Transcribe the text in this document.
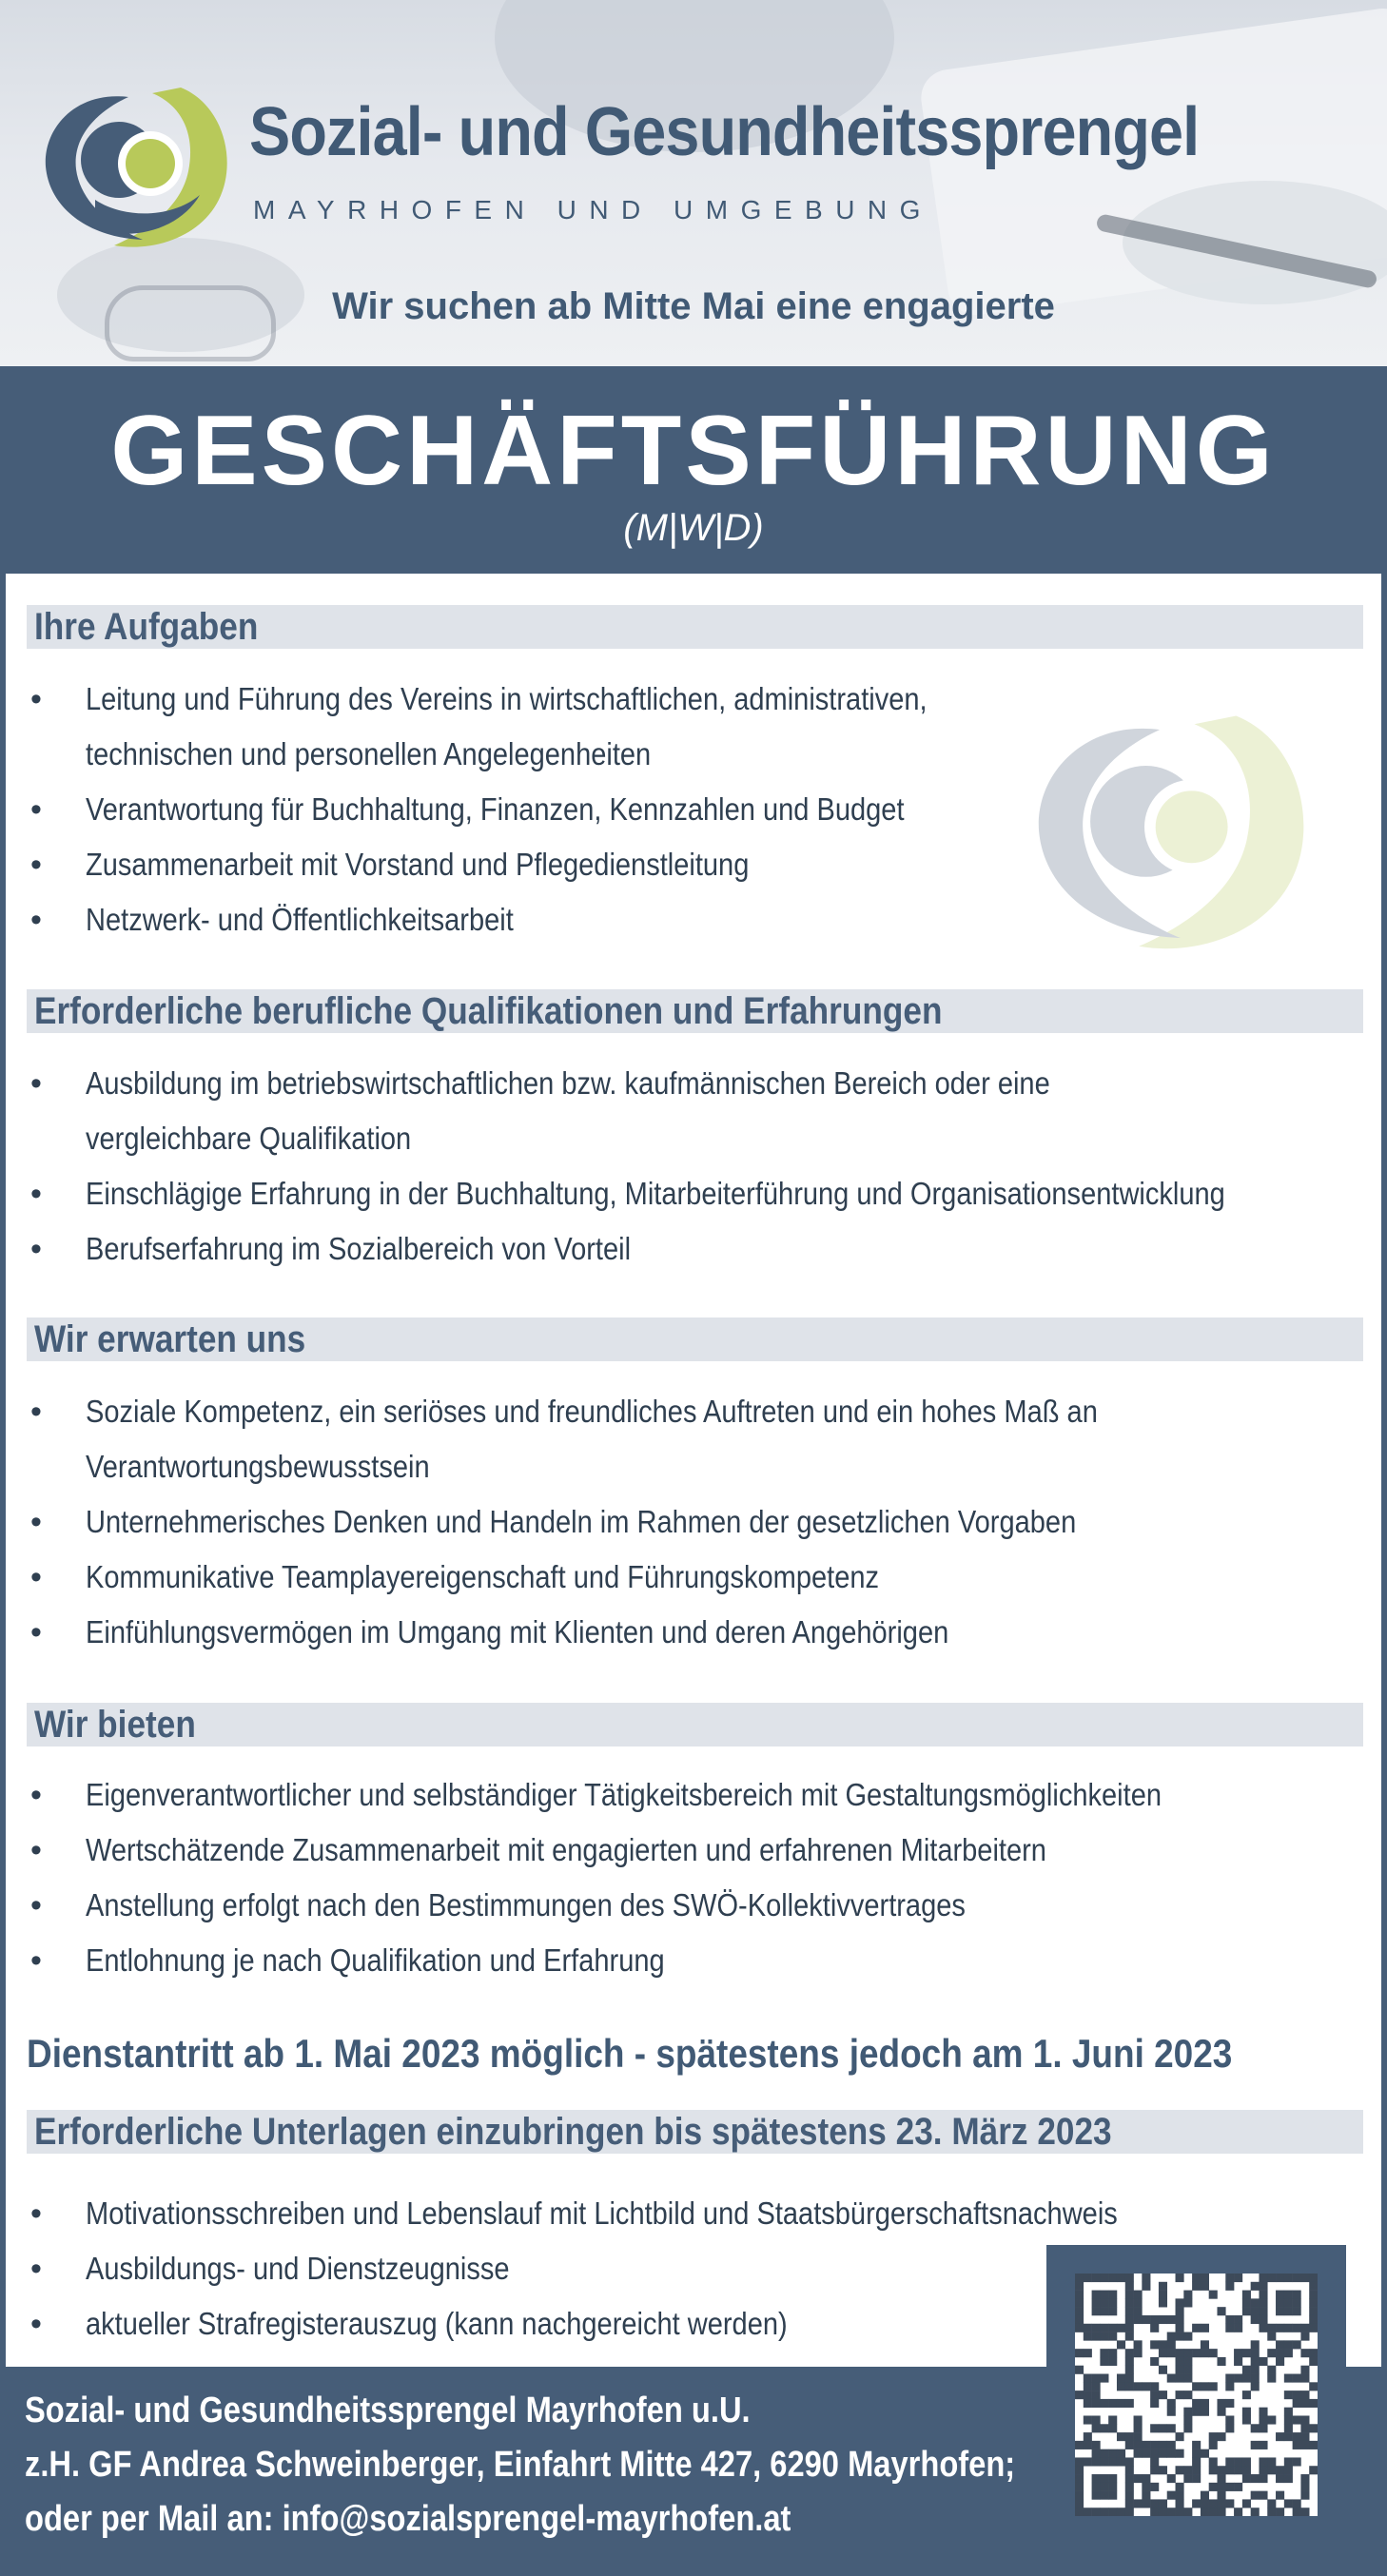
Sozial- und Gesundheitssprengel

MAYRHOFEN UND UMGEBUNG

Wir suchen ab Mitte Mai eine engagierte

GESCHÄFTSFÜHRUNG
(M|W|D)
Ihre Aufgaben
• Leitung und Führung des Vereins in wirtschaftlichen, administrativen,
technischen und personellen Angelegenheiten
• Verantwortung für Buchhaltung, Finanzen, Kennzahlen und Budget
• Zusammenarbeit mit Vorstand und Pflegedienstleitung
• Netzwerk- und Öffentlichkeitsarbeit
Erforderliche berufliche Qualifikationen und Erfahrungen
• Ausbildung im betriebswirtschaftlichen bzw. kaufmännischen Bereich oder eine
vergleichbare Qualifikation
• Einschlägige Erfahrung in der Buchhaltung, Mitarbeiterführung und Organisationsentwicklung
• Berufserfahrung im Sozialbereich von Vorteil
Wir erwarten uns
• Soziale Kompetenz, ein seriöses und freundliches Auftreten und ein hohes Maß an
Verantwortungsbewusstsein
• Unternehmerisches Denken und Handeln im Rahmen der gesetzlichen Vorgaben
• Kommunikative Teamplayereigenschaft und Führungskompetenz
• Einfühlungsvermögen im Umgang mit Klienten und deren Angehörigen
Wir bieten
• Eigenverantwortlicher und selbständiger Tätigkeitsbereich mit Gestaltungsmöglichkeiten
• Wertschätzende Zusammenarbeit mit engagierten und erfahrenen Mitarbeitern
• Anstellung erfolgt nach den Bestimmungen des SWÖ-Kollektivvertrages
• Entlohnung je nach Qualifikation und Erfahrung

Dienstantritt ab 1. Mai 2023 möglich - spätestens jedoch am 1. Juni 2023

Erforderliche Unterlagen einzubringen bis spätestens 23. März 2023
• Motivationsschreiben und Lebenslauf mit Lichtbild und Staatsbürgerschaftsnachweis
• Ausbildungs- und Dienstzeugnisse
• aktueller Strafregisterauszug (kann nachgereicht werden)

Sozial- und Gesundheitssprengel Mayrhofen u.U.

z.H. GF Andrea Schweinberger, Einfahrt Mitte 427, 6290 Mayrhofen;

oder per Mail an: info@sozialsprengel-mayrhofen.at
